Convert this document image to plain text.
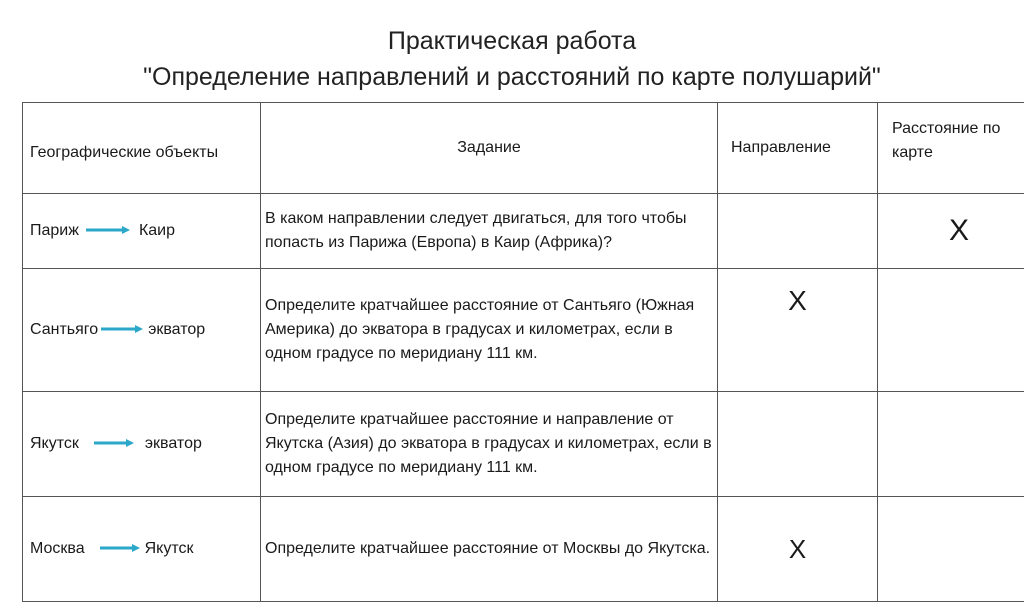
Практическая работа
"Определение направлений и расстояний по карте полушарий"
Географические объекты	Задание	Направление	Расстояние по карте

Париж Каир	В каком направлении следует двигаться, для того чтобы попасть из Парижа (Европа) в Каир (Африка)?		Х

Сантьяго экватор	Определите кратчайшее расстояние от Сантьяго (Южная Америка) до экватора в градусах и километрах, если в одном градусе по меридиану 111 км.	Х	

Якутск экватор	Определите кратчайшее расстояние и направление от Якутска (Азия) до экватора в градусах и километрах, если в одном градусе по меридиану 111 км.		

Москва Якутск	Определите кратчайшее расстояние от Москвы до Якутска.	Х	
